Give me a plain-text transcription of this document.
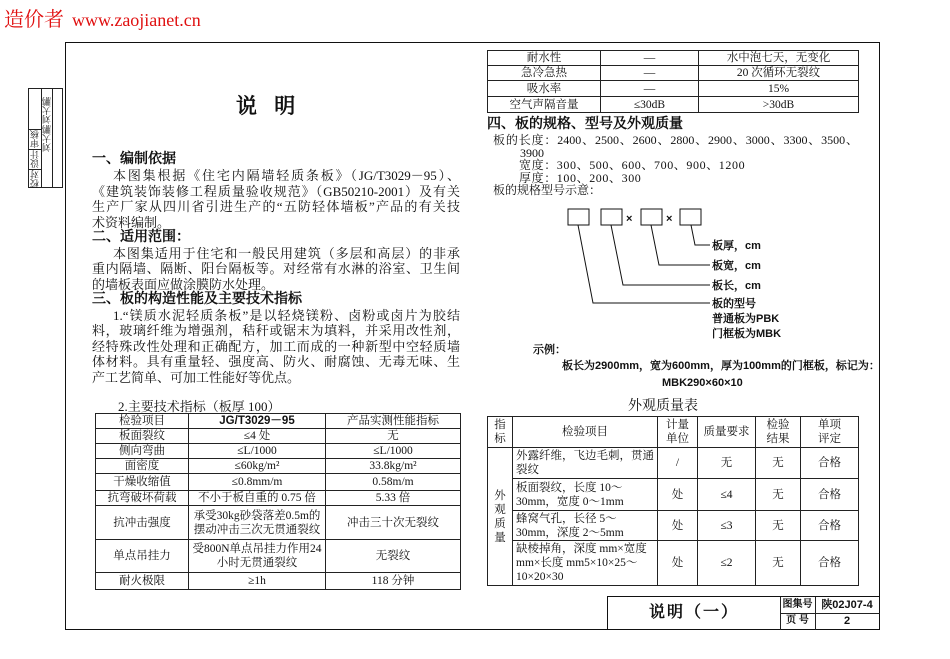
造价者 www.zaojianet.cn
校对
设计
审核
刘大鹏
刘大鹏
说 明
一、编制依据
本图集根据《住宅内隔墙轻质条板》（JG/T3029－95）、
《建筑装饰装修工程质量验收规范》（GB50210-2001）及有关
生产厂家从四川省引进生产的“五防轻体墙板”产品的有关技
术资料编制。
二、适用范围：
本图集适用于住宅和一般民用建筑（多层和高层）的非承
重内隔墙、隔断、阳台隔板等。对经常有水淋的浴室、卫生间
的墙板表面应做涂膜防水处理。
三、板的构造性能及主要技术指标
1.“镁质水泥轻质条板”是以轻烧镁粉、卤粉或卤片为胶结
料，玻璃纤维为增强剂，秸秆或锯末为填料，并采用改性剂，
经特殊改性处理和正确配方，加工而成的一种新型中空轻质墙
体材料。具有重量轻、强度高、防火、耐腐蚀、无毒无味、生
产工艺简单、可加工性能好等优点。
2.主要技术指标（板厚 100）
检验项目	JG/T3029－95	产品实测性能指标
板面裂纹	≤4 处	无
侧向弯曲	≤L/1000	≤L/1000
面密度	≤60kg/m²	33.8kg/m²
干燥收缩值	≤0.8mm/m	0.58m/m
抗弯破坏荷载	不小于板自重的 0.75 倍	5.33 倍
抗冲击强度	承受30kg砂袋落差0.5m的摆动冲击三次无贯通裂纹	冲击三十次无裂纹
单点吊挂力	受800N单点吊挂力作用24小时无贯通裂纹	无裂纹
耐火极限	≥1h	118 分钟
耐水性	—	水中泡七天，无变化
急冷急热	—	20 次循环无裂纹
吸水率	—	15%
空气声隔音量	≤30dB	>30dB
四、板的规格、型号及外观质量
板的长度：2400、2500、2600、2800、2900、3000、3300、3500、
3900
宽度：300、500、600、700、900、1200
厚度：100、200、300
板的规格型号示意：
×	×
板厚，cm
板宽，cm
板长，cm
板的型号
普通板为PBK
门框板为MBK
示例：
板长为2900mm，宽为600mm，厚为100mm的门框板，标记为：
MBK290×60×10
外观质量表
指标	检验项目	计量单位	质量要求	检验结果	单项评定
外观质量	外露纤维，飞边毛刺，贯通裂纹	/	无	无	合格
	板面裂纹，长度 10～30mm，宽度 0～1mm	处	≤4	无	合格
	蜂窝气孔，长径 5～30mm，深度 2～5mm	处	≤3	无	合格
	缺棱掉角，深度 mm×宽度 mm×长度 mm5×10×25～10×20×30	处	≤2	无	合格
说明（一）	图集号 陕02J07-4
页 号	2
